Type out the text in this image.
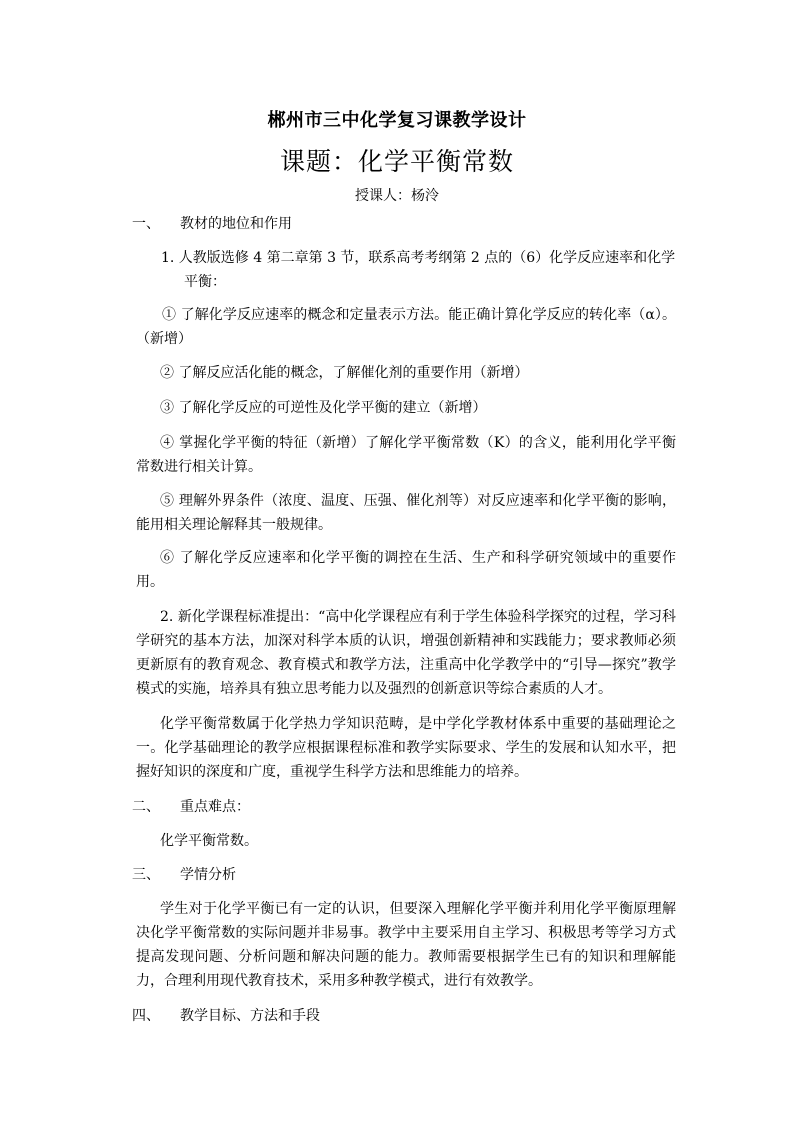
郴州市三中化学复习课教学设计
课题：化学平衡常数
授课人：杨泠
一、 教材的地位和作用
1. 人教版选修 4 第二章第 3 节，联系高考考纲第 2 点的（6）化学反应速率和化学
平衡：
① 了解化学反应速率的概念和定量表示方法。能正确计算化学反应的转化率（α）。（新增）
② 了解反应活化能的概念，了解催化剂的重要作用（新增）
③ 了解化学反应的可逆性及化学平衡的建立（新增）
④ 掌握化学平衡的特征（新增）了解化学平衡常数（K）的含义，能利用化学平衡常数进行相关计算。
⑤ 理解外界条件（浓度、温度、压强、催化剂等）对反应速率和化学平衡的影响，能用相关理论解释其一般规律。
⑥ 了解化学反应速率和化学平衡的调控在生活、生产和科学研究领域中的重要作用。
2. 新化学课程标准提出：“高中化学课程应有利于学生体验科学探究的过程，学习科学研究的基本方法，加深对科学本质的认识，增强创新精神和实践能力；要求教师必须更新原有的教育观念、教育模式和教学方法，注重高中化学教学中的“引导—探究”教学模式的实施，培养具有独立思考能力以及强烈的创新意识等综合素质的人才。
化学平衡常数属于化学热力学知识范畴，是中学化学教材体系中重要的基础理论之一。化学基础理论的教学应根据课程标准和教学实际要求、学生的发展和认知水平，把握好知识的深度和广度，重视学生科学方法和思维能力的培养。
二、 重点难点：
化学平衡常数。
三、 学情分析
学生对于化学平衡已有一定的认识，但要深入理解化学平衡并利用化学平衡原理解决化学平衡常数的实际问题并非易事。教学中主要采用自主学习、积极思考等学习方式提高发现问题、分析问题和解决问题的能力。教师需要根据学生已有的知识和理解能力，合理利用现代教育技术，采用多种教学模式，进行有效教学。
四、 教学目标、方法和手段
